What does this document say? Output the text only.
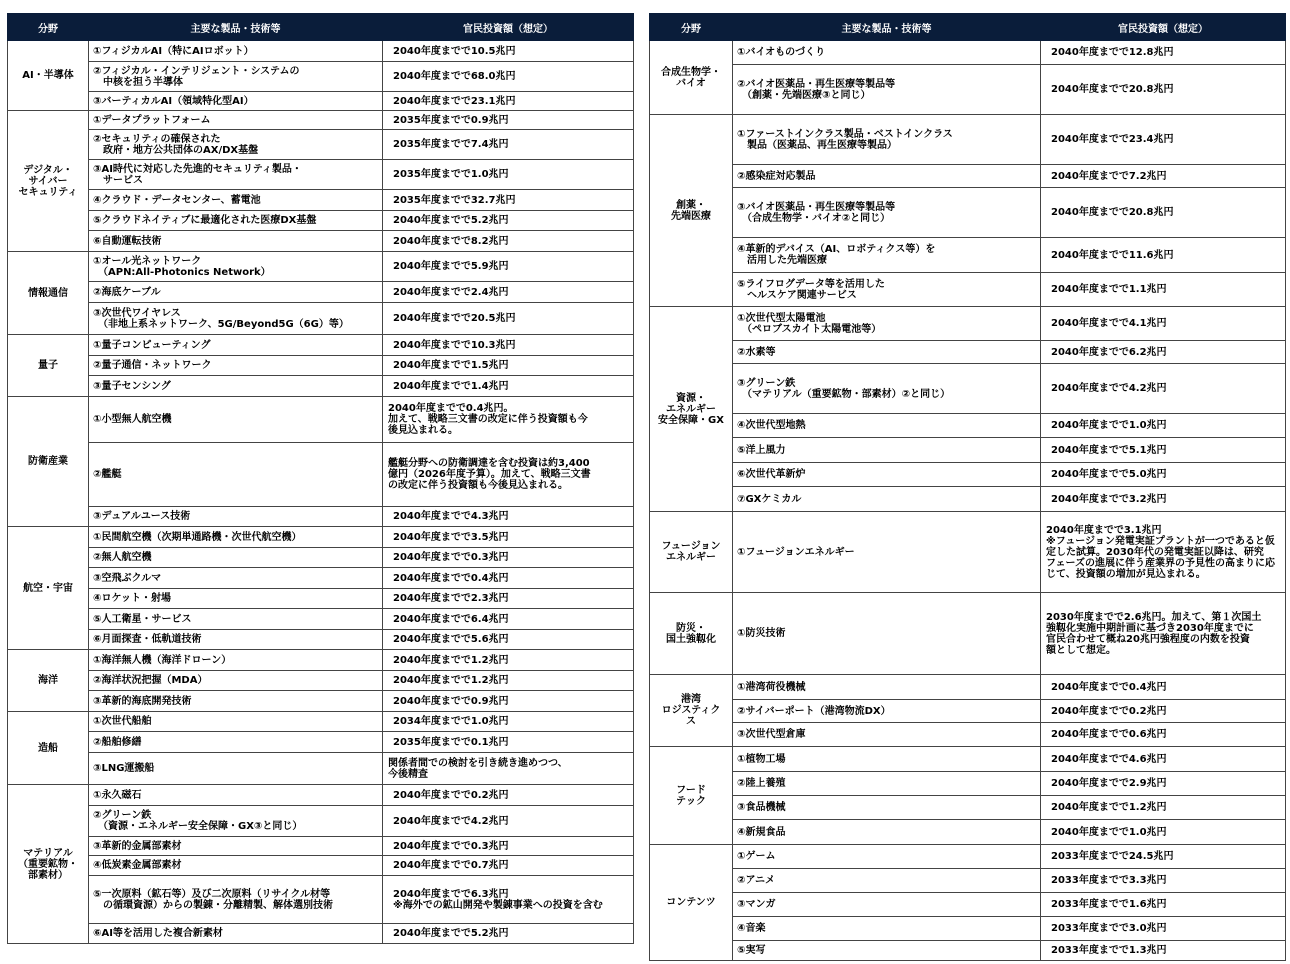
分野	主要な製品・技術等	官民投資額（想定）
AI・半導体	①フィジカルAI（特にAIロボット）	2040年度までで10.5兆円
	②フィジカル・インテリジェント・システムの
　中核を担う半導体	2040年度までで68.0兆円
	③バーティカルAI（領域特化型AI）	2040年度までで23.1兆円
デジタル・
サイバー
セキュリティ	①データプラットフォーム	2035年度までで0.9兆円
	②セキュリティの確保された
　政府・地方公共団体のAX/DX基盤	2035年度までで7.4兆円
	③AI時代に対応した先進的セキュリティ製品・
　サービス	2035年度までで1.0兆円
	④クラウド・データセンター、蓄電池	2035年度までで32.7兆円
	⑤クラウドネイティブに最適化された医療DX基盤	2040年度までで5.2兆円
	⑥自動運転技術	2040年度までで8.2兆円
情報通信	①オール光ネットワーク
　（APN:All-Photonics Network）	2040年度までで5.9兆円
	②海底ケーブル	2040年度までで2.4兆円
	③次世代ワイヤレス
　（非地上系ネットワーク、5G/Beyond5G（6G）等）	2040年度までで20.5兆円
量子	①量子コンピューティング	2040年度までで10.3兆円
	②量子通信・ネットワーク	2040年度までで1.5兆円
	③量子センシング	2040年度までで1.4兆円
防衛産業	①小型無人航空機	2040年度までで0.4兆円。
加えて、戦略三文書の改定に伴う投資額も今
後見込まれる。
	②艦艇	艦艇分野への防衛調達を含む投資は約3,400
億円（2026年度予算）。加えて、戦略三文書
の改定に伴う投資額も今後見込まれる。
	③デュアルユース技術	2040年度までで4.3兆円
航空・宇宙	①民間航空機（次期単通路機・次世代航空機）	2040年度までで3.5兆円
	②無人航空機	2040年度までで0.3兆円
	③空飛ぶクルマ	2040年度までで0.4兆円
	④ロケット・射場	2040年度までで2.3兆円
	⑤人工衛星・サービス	2040年度までで6.4兆円
	⑥月面探査・低軌道技術	2040年度までで5.6兆円
海洋	①海洋無人機（海洋ドローン）	2040年度までで1.2兆円
	②海洋状況把握（MDA）	2040年度までで1.2兆円
	③革新的海底開発技術	2040年度までで0.9兆円
造船	①次世代船舶	2034年度までで1.0兆円
	②船舶修繕	2035年度までで0.1兆円
	③LNG運搬船	関係者間での検討を引き続き進めつつ、
今後精査
マテリアル
（重要鉱物・
部素材）	①永久磁石	2040年度までで0.2兆円
	②グリーン鉄
　（資源・エネルギー安全保障・GX③と同じ）	2040年度までで4.2兆円
	③革新的金属部素材	2040年度までで0.3兆円
	④低炭素金属部素材	2040年度までで0.7兆円
	⑤一次原料（鉱石等）及び二次原料（リサイクル材等
　の循環資源）からの製錬・分離精製、解体選別技術	2040年度までで6.3兆円
※海外での鉱山開発や製錬事業への投資を含む
	⑥AI等を活用した複合新素材	2040年度までで5.2兆円
分野	主要な製品・技術等	官民投資額（想定）
合成生物学・
バイオ	①バイオものづくり	2040年度までで12.8兆円
	②バイオ医薬品・再生医療等製品等
　（創薬・先端医療③と同じ）	2040年度までで20.8兆円
創薬・
先端医療	①ファーストインクラス製品・ベストインクラス
　製品（医薬品、再生医療等製品）	2040年度までで23.4兆円
	②感染症対応製品	2040年度までで7.2兆円
	③バイオ医薬品・再生医療等製品等
　（合成生物学・バイオ②と同じ）	2040年度までで20.8兆円
	④革新的デバイス（AI、ロボティクス等）を
　活用した先端医療	2040年度までで11.6兆円
	⑤ライフログデータ等を活用した
　ヘルスケア関連サービス	2040年度までで1.1兆円
資源・
エネルギー
安全保障・GX	①次世代型太陽電池
　（ペロブスカイト太陽電池等）	2040年度までで4.1兆円
	②水素等	2040年度までで6.2兆円
	③グリーン鉄
　（マテリアル（重要鉱物・部素材）②と同じ）	2040年度までで4.2兆円
	④次世代型地熱	2040年度までで1.0兆円
	⑤洋上風力	2040年度までで5.1兆円
	⑥次世代革新炉	2040年度までで5.0兆円
	⑦GXケミカル	2040年度までで3.2兆円
フュージョン
エネルギー	①フュージョンエネルギー	2040年度までで3.1兆円
※フュージョン発電実証プラントが一つであると仮
定した試算。2030年代の発電実証以降は、研究
フェーズの進展に伴う産業界の予見性の高まりに応
じて、投資額の増加が見込まれる。
防災・
国土強靱化	①防災技術	2030年度までで2.6兆円。加えて、第１次国土
強靱化実施中期計画に基づき2030年度までに
官民合わせて概ね20兆円強程度の内数を投資
額として想定。
港湾
ロジスティク
ス	①港湾荷役機械	2040年度までで0.4兆円
	②サイバーポート（港湾物流DX）	2040年度までで0.2兆円
	③次世代型倉庫	2040年度までで0.6兆円
フード
テック	①植物工場	2040年度までで4.6兆円
	②陸上養殖	2040年度までで2.9兆円
	③食品機械	2040年度までで1.2兆円
	④新規食品	2040年度までで1.0兆円
コンテンツ	①ゲーム	2033年度までで24.5兆円
	②アニメ	2033年度までで3.3兆円
	③マンガ	2033年度までで1.6兆円
	④音楽	2033年度までで3.0兆円
	⑤実写	2033年度までで1.3兆円
